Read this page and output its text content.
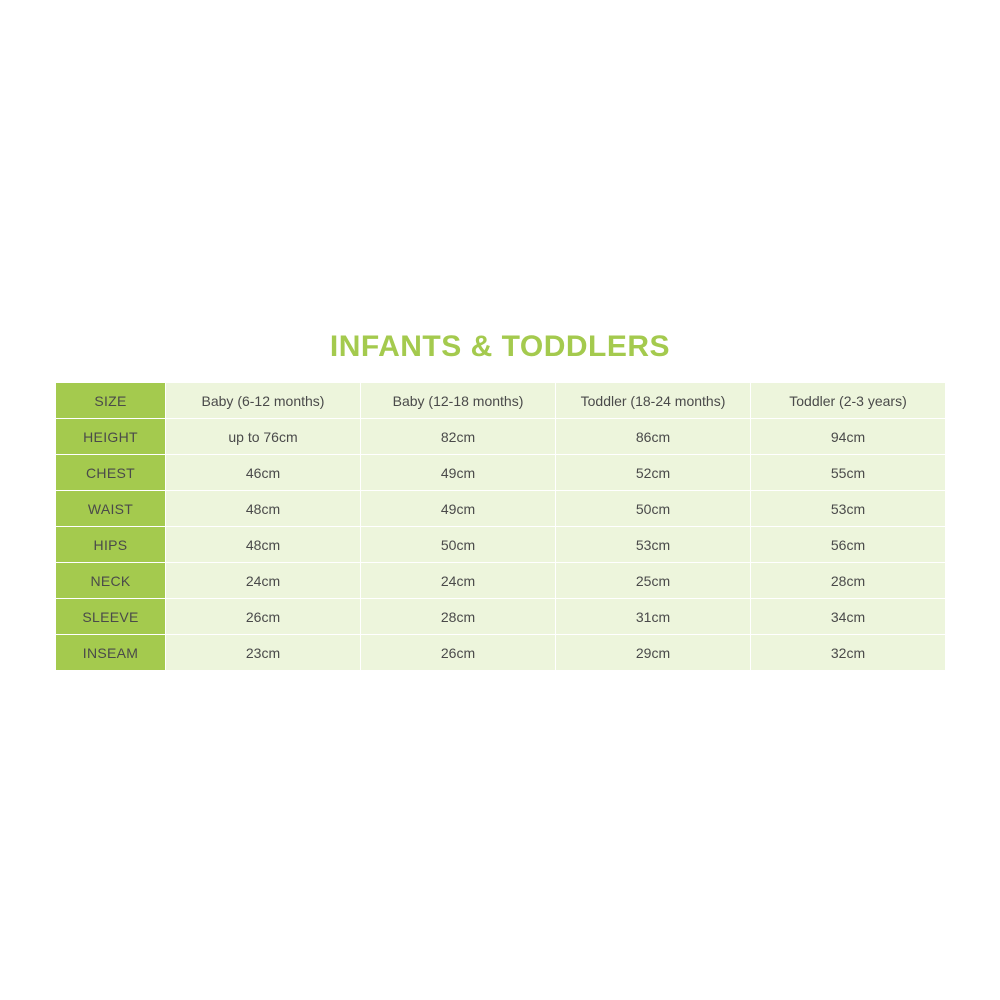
INFANTS & TODDLERS
SIZE	Baby (6-12 months)	Baby (12-18 months)	Toddler (18-24 months)	Toddler (2-3 years)
HEIGHT	up to 76cm	82cm	86cm	94cm
CHEST	46cm	49cm	52cm	55cm
WAIST	48cm	49cm	50cm	53cm
HIPS	48cm	50cm	53cm	56cm
NECK	24cm	24cm	25cm	28cm
SLEEVE	26cm	28cm	31cm	34cm
INSEAM	23cm	26cm	29cm	32cm
